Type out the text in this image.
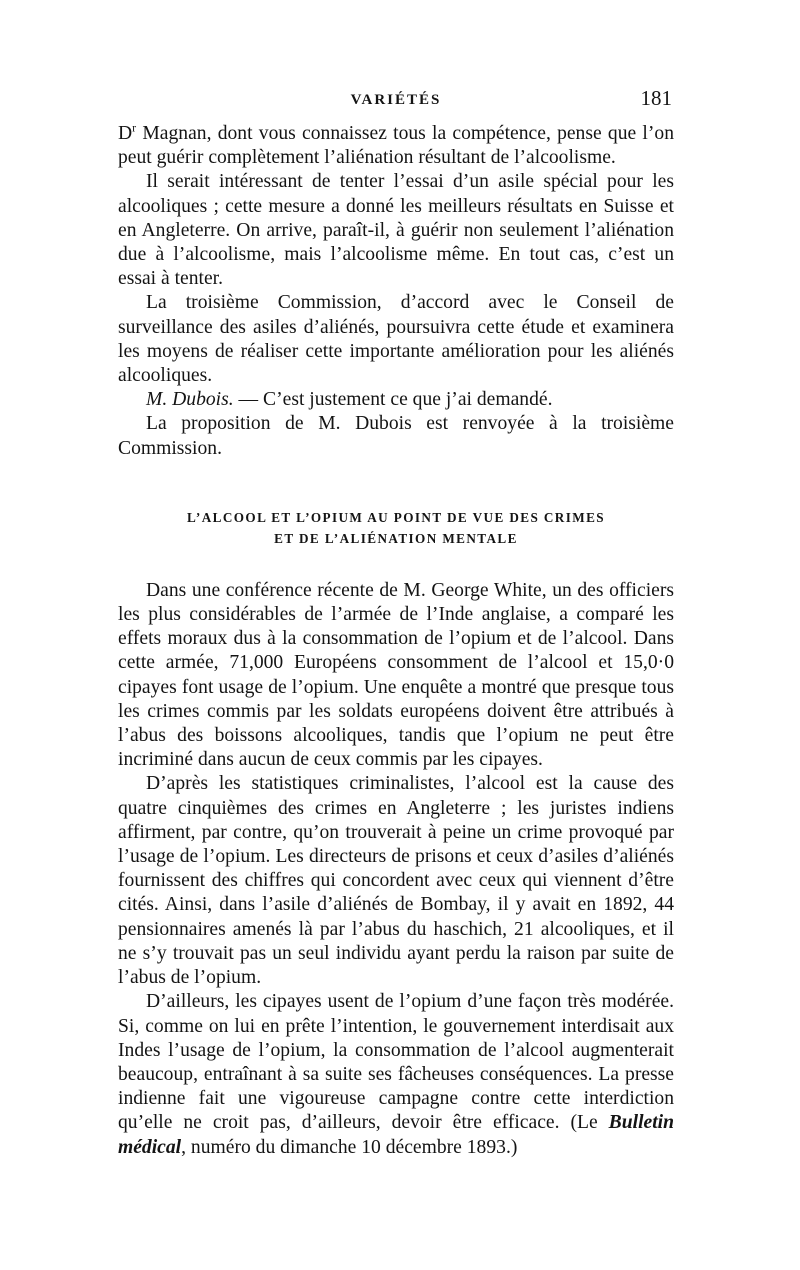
VARIÉTÉS	181

$D^r$ Magnan, dont vous connaissez tous la compétence, pense que l’on peut guérir complètement l’aliénation résultant de l’alcoolisme.

Il serait intéressant de tenter l’essai d’un asile spécial pour les alcooliques ; cette mesure a donné les meilleurs résultats en Suisse et en Angleterre. On arrive, paraît-il, à guérir non seulement l’aliénation due à l’alcoolisme, mais l’alcoolisme même. En tout cas, c’est un essai à tenter.

La troisième Commission, d’accord avec le Conseil de surveillance des asiles d’aliénés, poursuivra cette étude et examinera les moyens de réaliser cette importante amélioration pour les aliénés alcooliques.

M. Dubois. — C’est justement ce que j’ai demandé.

La proposition de M. Dubois est renvoyée à la troisième Commission.

L’ALCOOL ET L’OPIUM AU POINT DE VUE DES CRIMES
ET DE L’ALIÉNATION MENTALE

Dans une conférence récente de M. George White, un des officiers les plus considérables de l’armée de l’Inde anglaise, a comparé les effets moraux dus à la consommation de l’opium et de l’alcool. Dans cette armée, 71,000 Européens consomment de l’alcool et 15,0·0 cipayes font usage de l’opium. Une enquête a montré que presque tous les crimes commis par les soldats européens doivent être attribués à l’abus des boissons alcooliques, tandis que l’opium ne peut être incriminé dans aucun de ceux commis par les cipayes.

D’après les statistiques criminalistes, l’alcool est la cause des quatre cinquièmes des crimes en Angleterre ; les juristes indiens affirment, par contre, qu’on trouverait à peine un crime provoqué par l’usage de l’opium. Les directeurs de prisons et ceux d’asiles d’aliénés fournissent des chiffres qui concordent avec ceux qui viennent d’être cités. Ainsi, dans l’asile d’aliénés de Bombay, il y avait en 1892, 44 pensionnaires amenés là par l’abus du haschich, 21 alcooliques, et il ne s’y trouvait pas un seul individu ayant perdu la raison par suite de l’abus de l’opium.

D’ailleurs, les cipayes usent de l’opium d’une façon très modérée. Si, comme on lui en prête l’intention, le gouvernement interdisait aux Indes l’usage de l’opium, la consommation de l’alcool augmenterait beaucoup, entraînant à sa suite ses fâcheuses conséquences. La presse indienne fait une vigoureuse campagne contre cette interdiction qu’elle ne croit pas, d’ailleurs, devoir être efficace. (Le Bulletin médical, numéro du dimanche 10 décembre 1893.)
